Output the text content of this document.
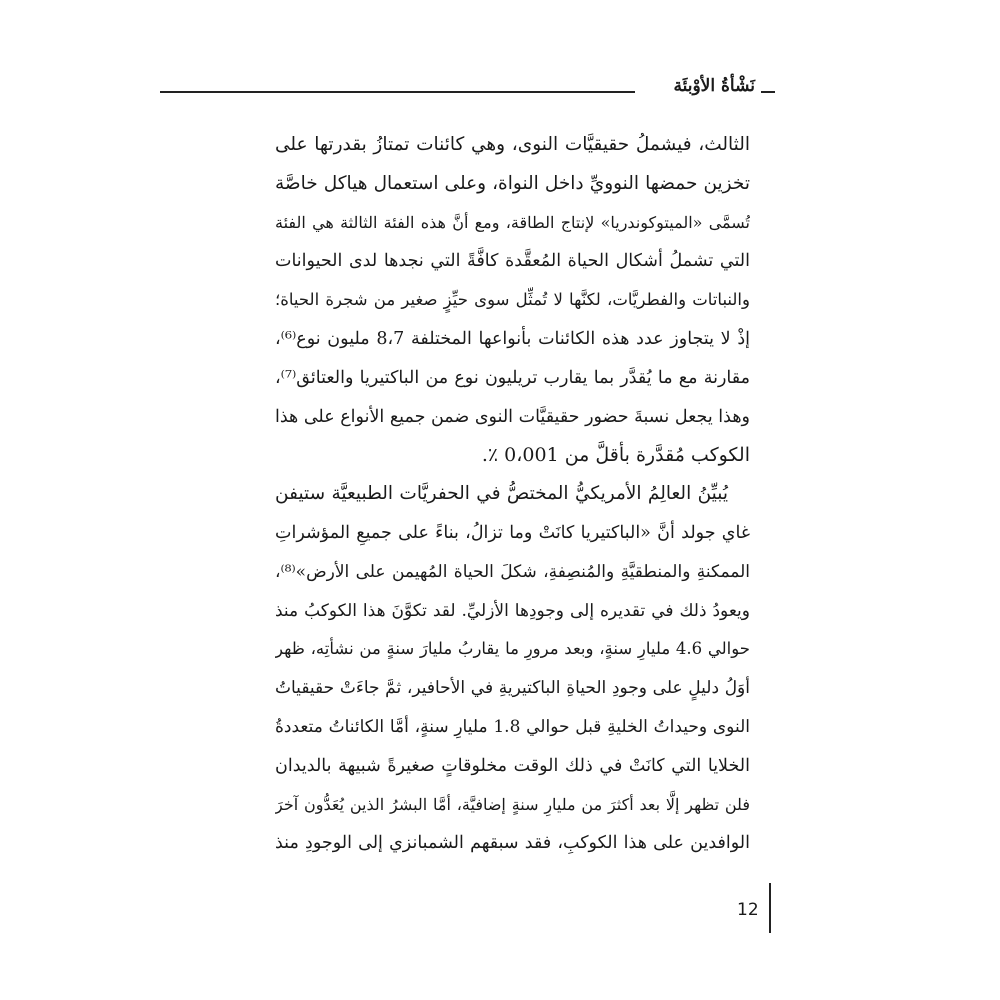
نَشْأةُ الأوْبئَة
الثالث، فيشملُ حقيقيَّات النوى، وهي كائنات تمتازُ بقدرتها على
تخزين حمضها النوويِّ داخل النواة، وعلى استعمال هياكل خاصَّة
تُسمَّى «الميتوكوندريا» لإنتاج الطاقة، ومع أنَّ هذه الفئة الثالثة هي الفئة
التي تشملُ أشكال الحياة المُعقَّدة كافَّةً التي نجدها لدى الحيوانات
والنباتات والفطريَّات، لكنَّها لا تُمثِّل سوى حيِّزٍ صغير من شجرة الحياة؛
إذْ لا يتجاوز عدد هذه الكائنات بأنواعها المختلفة 8،7 مليون نوع⁽⁶⁾،
مقارنة مع ما يُقدَّر بما يقارب تريليون نوع من الباكتيريا والعتائق⁽⁷⁾،
وهذا يجعل نسبةَ حضور حقيقيَّات النوى ضمن جميع الأنواع على هذا
الكوكب مُقدَّرة بأقلَّ من 0،001 ٪.
يُبيِّنُ العالِمُ الأمريكيُّ المختصُّ في الحفريَّات الطبيعيَّة ستيفن
غاي جولد أنَّ «الباكتيريا كانَتْ وما تزالُ، بناءً على جميعِ المؤشراتِ
الممكنةِ والمنطقيَّةِ والمُنصِفةِ، شكلَ الحياة المُهيمن على الأرض»⁽⁸⁾،
ويعودُ ذلك في تقديره إلى وجودِها الأزليِّ. لقد تكوَّنَ هذا الكوكبُ منذ
حوالي 4.6 مليارِ سنةٍ، وبعد مرورِ ما يقاربُ مليارَ سنةٍ من نشأتِه، ظهر
أوَلُ دليلٍ على وجودِ الحياةِ الباكتيريةِ في الأحافير، ثمَّ جاءَتْ حقيقياتُ
النوى وحيداتُ الخليةِ قبل حوالي 1.8 مليارِ سنةٍ، أمَّا الكائناتُ متعددةُ
الخلايا التي كانَتْ في ذلك الوقت مخلوقاتٍ صغيرةً شبيهة بالديدان
فلن تظهر إلَّا بعد أكثرَ من مليارِ سنةٍ إضافيَّة، أمَّا البشرُ الذين يُعَدُّون آخرَ
الوافدين على هذا الكوكبِ، فقد سبقهم الشمبانزي إلى الوجودِ منذ
12
